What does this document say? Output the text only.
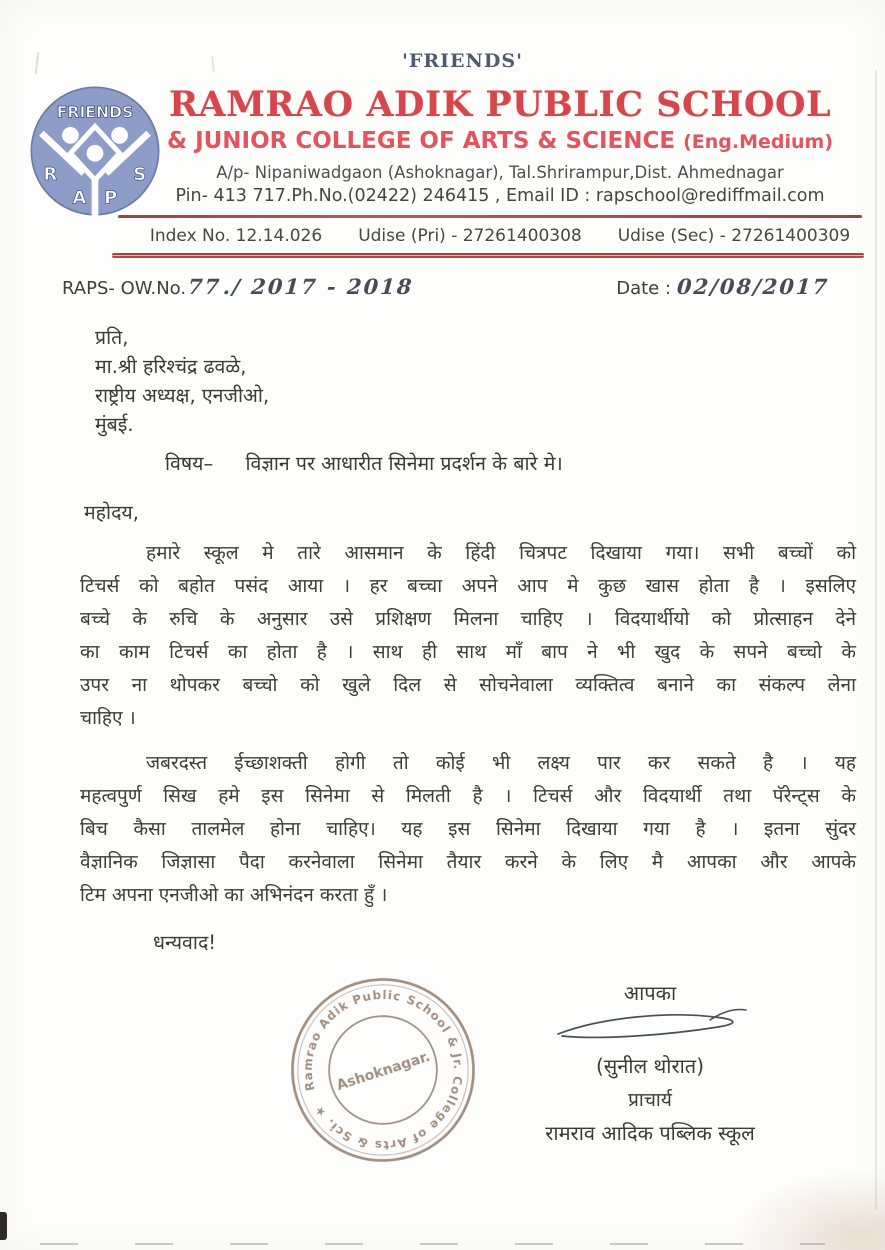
'FRIENDS'
FRIENDS
R
A P
S
RAMRAO ADIK PUBLIC SCHOOL
& JUNIOR COLLEGE OF ARTS & SCIENCE (Eng.Medium)
A/p- Nipaniwadgaon (Ashoknagar), Tal.Shrirampur,Dist. Ahmednagar
Pin- 413 717.Ph.No.(02422) 246415 , Email ID : rapschool@rediffmail.com
Index No. 12.14.026 Udise (Pri) - 27261400308 Udise (Sec) - 27261400309
RAPS- OW.No.77./ 2017 - 2018	Date : 02/08/2017
प्रति,
मा.श्री हरिश्चंद्र ढवळे,
राष्ट्रीय अध्यक्ष, एनजीओ,
मुंबई.
विषय– विज्ञान पर आधारीत सिनेमा प्रदर्शन के बारे मे।
महोदय,
हमारे स्कूल मे तारे आसमान के हिंदी चित्रपट दिखाया गया। सभी बच्चों को
टिचर्स को बहोत पसंद आया । हर बच्चा अपने आप मे कुछ खास होता है । इसलिए
बच्चे के रुचि के अनुसार उसे प्रशिक्षण मिलना चाहिए । विदयार्थीयो को प्रोत्साहन देने
का काम टिचर्स का होता है । साथ ही साथ माँ बाप ने भी खुद के सपने बच्चो के
उपर ना थोपकर बच्चो को खुले दिल से सोचनेवाला व्यक्तित्व बनाने का संकल्प लेना
चाहिए ।
जबरदस्त ईच्छाशक्ती होगी तो कोई भी लक्ष्य पार कर सकते है । यह
महत्वपुर्ण सिख हमे इस सिनेमा से मिलती है । टिचर्स और विदयार्थी तथा पॅरेन्ट्स के
बिच कैसा तालमेल होना चाहिए। यह इस सिनेमा दिखाया गया है । इतना सुंदर
वैज्ञानिक जिज्ञासा पैदा करनेवाला सिनेमा तैयार करने के लिए मै आपका और आपके
टिम अपना एनजीओ का अभिनंदन करता हुँ ।
धन्यवाद!
Ramrao Adik Public School & Jr. College of Arts & Sci. ★
Ashoknagar.
आपका
(सुनील थोरात)
प्राचार्य
रामराव आदिक पब्लिक स्कूल
